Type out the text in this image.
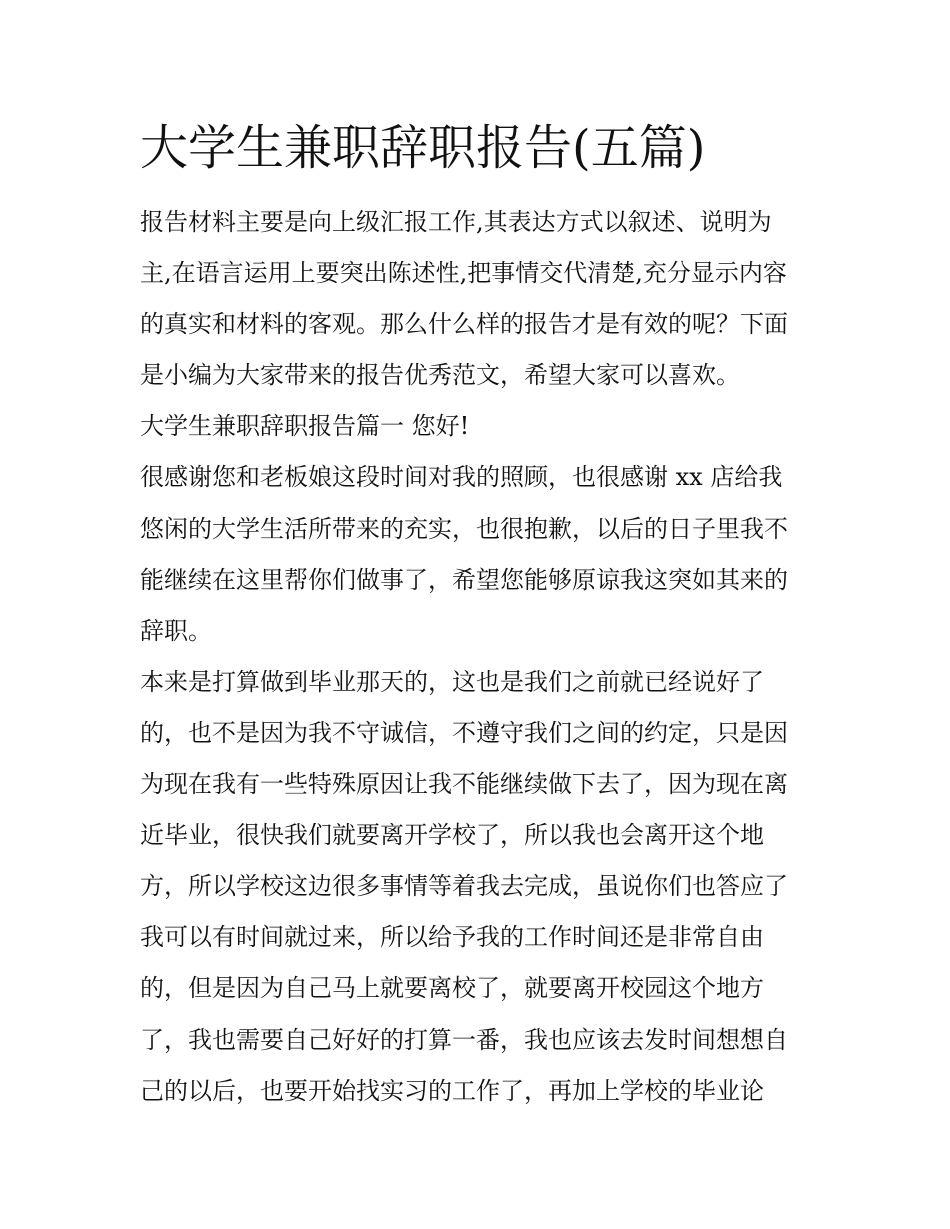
大学生兼职辞职报告(五篇)
报告材料主要是向上级汇报工作,其表达方式以叙述、说明为
主,在语言运用上要突出陈述性,把事情交代清楚,充分显示内容
的真实和材料的客观。那么什么样的报告才是有效的呢？下面
是小编为大家带来的报告优秀范文，希望大家可以喜欢。
大学生兼职辞职报告篇一 您好!
很感谢您和老板娘这段时间对我的照顾，也很感谢 xx 店给我
悠闲的大学生活所带来的充实，也很抱歉，以后的日子里我不
能继续在这里帮你们做事了，希望您能够原谅我这突如其来的
辞职。
本来是打算做到毕业那天的，这也是我们之前就已经说好了
的，也不是因为我不守诚信，不遵守我们之间的约定，只是因
为现在我有一些特殊原因让我不能继续做下去了，因为现在离
近毕业，很快我们就要离开学校了，所以我也会离开这个地
方，所以学校这边很多事情等着我去完成，虽说你们也答应了
我可以有时间就过来，所以给予我的工作时间还是非常自由
的，但是因为自己马上就要离校了，就要离开校园这个地方
了，我也需要自己好好的打算一番，我也应该去发时间想想自
己的以后，也要开始找实习的工作了，再加上学校的毕业论
